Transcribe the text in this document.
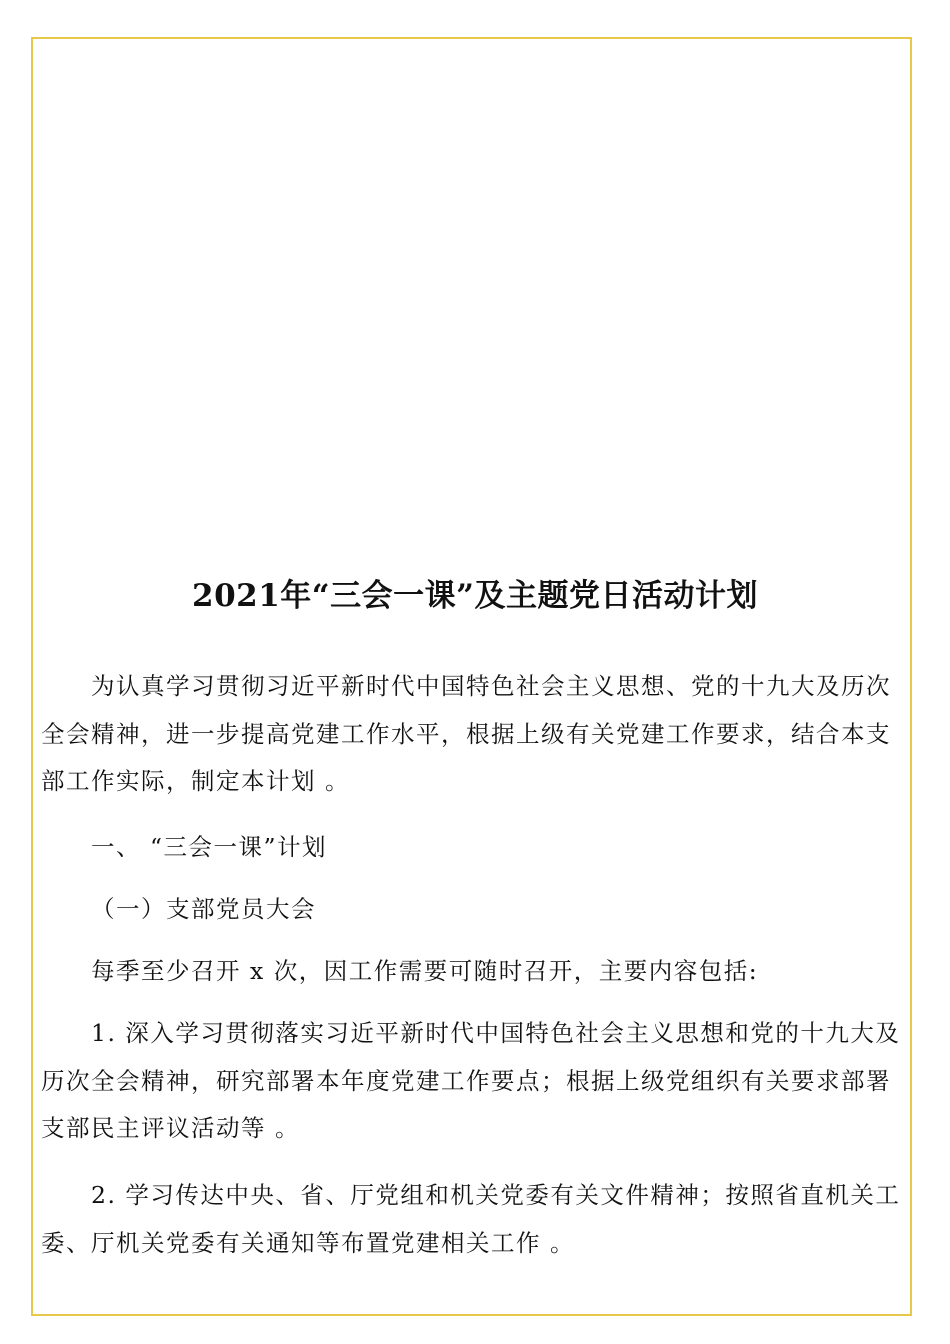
2021年“三会一课”及主题党日活动计划

为认真学习贯彻习近平新时代中国特色社会主义思想、党的十九大及历次全会精神，进一步提高党建工作水平，根据上级有关党建工作要求，结合本支部工作实际，制定本计划 。

一、 “三会一课”计划

（一）支部党员大会

每季至少召开 x 次，因工作需要可随时召开，主要内容包括:

1. 深入学习贯彻落实习近平新时代中国特色社会主义思想和党的十九大及历次全会精神，研究部署本年度党建工作要点；根据上级党组织有关要求部署支部民主评议活动等 。

2. 学习传达中央、省、厅党组和机关党委有关文件精神；按照省直机关工委、厅机关党委有关通知等布置党建相关工作 。
